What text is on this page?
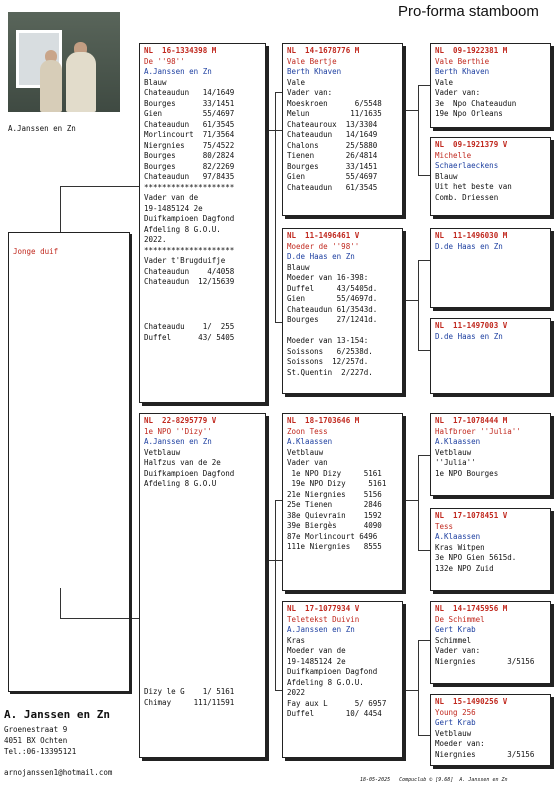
Pro-forma stamboom
A.Janssen en Zn
Jonge duif
NL  16-1334398 M
De ''98''
A.Janssen en Zn
Blauw
Chateaudun   14/1649
Bourges      33/1451
Gien         55/4697
Chateaudun   61/3545
Morlincourt  71/3564
Niergnies    75/4522
Bourges      80/2824
Bourges      82/2269
Chateaudun   97/8435
********************
Vader van de
19-1485124 2e
Duifkampioen Dagfond
Afdeling 8 G.O.U.
2022.
********************
Vader t'Brugduifje
Chateaudun    4/4058
Chateaudun  12/15639
Chateaudu    1/  255
Duffel      43/ 5405
NL  22-8295779 V
1e NPO ''Dizy''
A.Janssen en Zn
Vetblauw
Halfzus van de 2e
Duifkampioen Dagfond
Afdeling 8 G.O.U
Dizy le G    1/ 5161
Chimay     111/11591
NL  14-1678776 M
Vale Bertje
Berth Khaven
Vale
Vader van:
Moeskroen      6/5548
Melun         11/1635
Chateauroux  13/3304
Chateaudun   14/1649
Chalons      25/5880
Tienen       26/4814
Bourges      33/1451
Gien         55/4697
Chateaudun   61/3545
NL  11-1496461 V
Moeder de ''98''
D.de Haas en Zn
Blauw
Moeder van 16-398:
Duffel     43/5405d.
Gien       55/4697d.
Chateaudun 61/3543d.
Bourges    27/1241d.

Moeder van 13-154:
Soissons   6/2538d.
Soissons  12/257d.
St.Quentin  2/227d.
NL  18-1703646 M
Zoon Tess
A.Klaassen
Vetblauw
Vader van
1e NPO Dizy     5161
19e NPO Dizy     5161
21e Niergnies    5156
25e Tienen       2846
38e Quievrain    1592
39e Biergès      4090
87e Morlincourt 6496
111e Niergnies   8555
NL  17-1077934 V
Teletekst Duivin
A.Janssen en Zn
Kras
Moeder van de
19-1485124 2e
Duifkampioen Dagfond
Afdeling 8 G.O.U.
2022
Fay aux L      5/ 6957
Duffel       10/ 4454
NL  09-1922381 M
Vale Berthie
Berth Khaven
Vale
Vader van:
3e  Npo Chateaudun
19e Npo Orleans
NL  09-1921379 V
Michelle
Schaerlaeckens
Blauw
Uit het beste van
Comb. Driessen
NL  11-1496030 M
D.de Haas en Zn
NL  11-1497003 V
D.de Haas en Zn
NL  17-1078444 M
Halfbroer ''Julia''
A.Klaassen
Vetblauw
''Julia''
1e NPO Bourges
NL  17-1078451 V
Tess
A.Klaassen
Kras Witpen
3e NPO Gien 5615d.
132e NPO Zuid
NL  14-1745956 M
De Schimmel
Gert Krab
Schimmel
Vader van:
Niergnies       3/5156
NL  15-1490256 V
Young 256
Gert Krab
Vetblauw
Moeder van:
Niergnies       3/5156
A. Janssen en Zn
Groenestraat 9
4051 BX Ochten
Tel.:06-13395121
arnojanssen1@hotmail.com
18-05-2025   Compuclub © [9.68]  A. Janssen en Zn
